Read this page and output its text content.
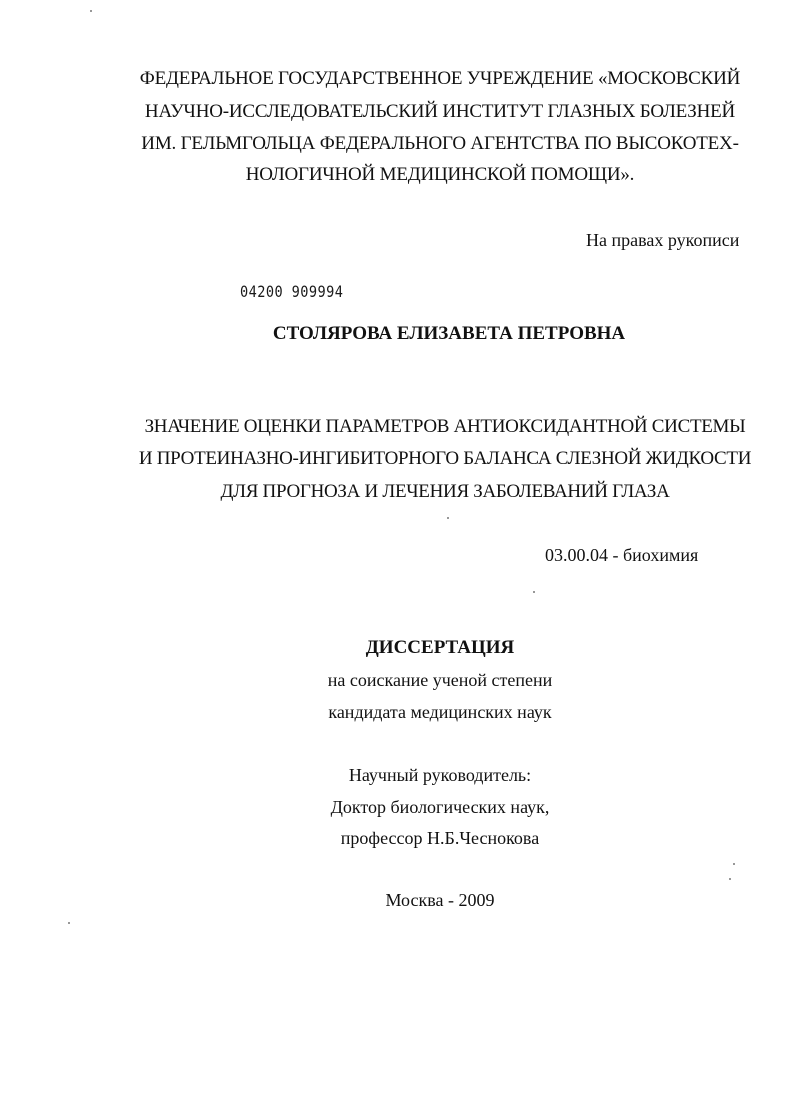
ФЕДЕРАЛЬНОЕ ГОСУДАРСТВЕННОЕ УЧРЕЖДЕНИЕ «МОСКОВСКИЙ
НАУЧНО-ИССЛЕДОВАТЕЛЬСКИЙ ИНСТИТУТ ГЛАЗНЫХ БОЛЕЗНЕЙ
ИМ. ГЕЛЬМГОЛЬЦА ФЕДЕРАЛЬНОГО АГЕНТСТВА ПО ВЫСОКОТЕХ-
НОЛОГИЧНОЙ МЕДИЦИНСКОЙ ПОМОЩИ».
На правах рукописи
04200 909994
СТОЛЯРОВА ЕЛИЗАВЕТА ПЕТРОВНА
ЗНАЧЕНИЕ ОЦЕНКИ ПАРАМЕТРОВ АНТИОКСИДАНТНОЙ СИСТЕМЫ
И ПРОТЕИНАЗНО-ИНГИБИТОРНОГО БАЛАНСА СЛЕЗНОЙ ЖИДКОСТИ
ДЛЯ ПРОГНОЗА И ЛЕЧЕНИЯ ЗАБОЛЕВАНИЙ ГЛАЗА
03.00.04 - биохимия
ДИССЕРТАЦИЯ
на соискание ученой степени
кандидата медицинских наук
Научный руководитель:
Доктор биологических наук,
профессор Н.Б.Чеснокова
Москва - 2009
